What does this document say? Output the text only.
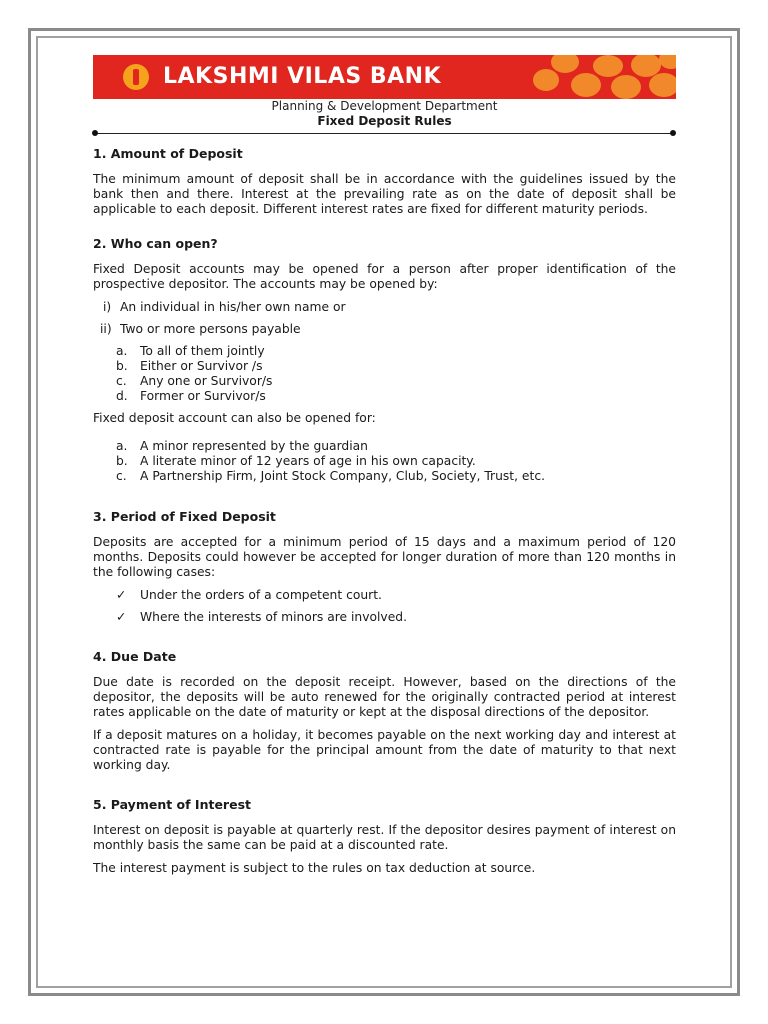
LAKSHMI VILAS BANK
Planning & Development Department
Fixed Deposit Rules
1. Amount of Deposit

The minimum amount of deposit shall be in accordance with the guidelines issued by the bank then and there. Interest at the prevailing rate as on the date of deposit shall be applicable to each deposit. Different interest rates are fixed for different maturity periods.

2. Who can open?

Fixed Deposit accounts may be opened for a person after proper identification of the prospective depositor. The accounts may be opened by:

i) An individual in his/her own name or
ii) Two or more persons payable
a. To all of them jointly
b. Either or Survivor /s
c. Any one or Survivor/s
d. Former or Survivor/s

Fixed deposit account can also be opened for:

a. A minor represented by the guardian
b. A literate minor of 12 years of age in his own capacity.
c. A Partnership Firm, Joint Stock Company, Club, Society, Trust, etc.
3. Period of Fixed Deposit

Deposits are accepted for a minimum period of 15 days and a maximum period of 120 months. Deposits could however be accepted for longer duration of more than 120 months in the following cases:

✓ Under the orders of a competent court.
✓ Where the interests of minors are involved.
4. Due Date

Due date is recorded on the deposit receipt. However, based on the directions of the depositor, the deposits will be auto renewed for the originally contracted period at interest rates applicable on the date of maturity or kept at the disposal directions of the depositor.

If a deposit matures on a holiday, it becomes payable on the next working day and interest at contracted rate is payable for the principal amount from the date of maturity to that next working day.

5. Payment of Interest

Interest on deposit is payable at quarterly rest. If the depositor desires payment of interest on monthly basis the same can be paid at a discounted rate.

The interest payment is subject to the rules on tax deduction at source.
